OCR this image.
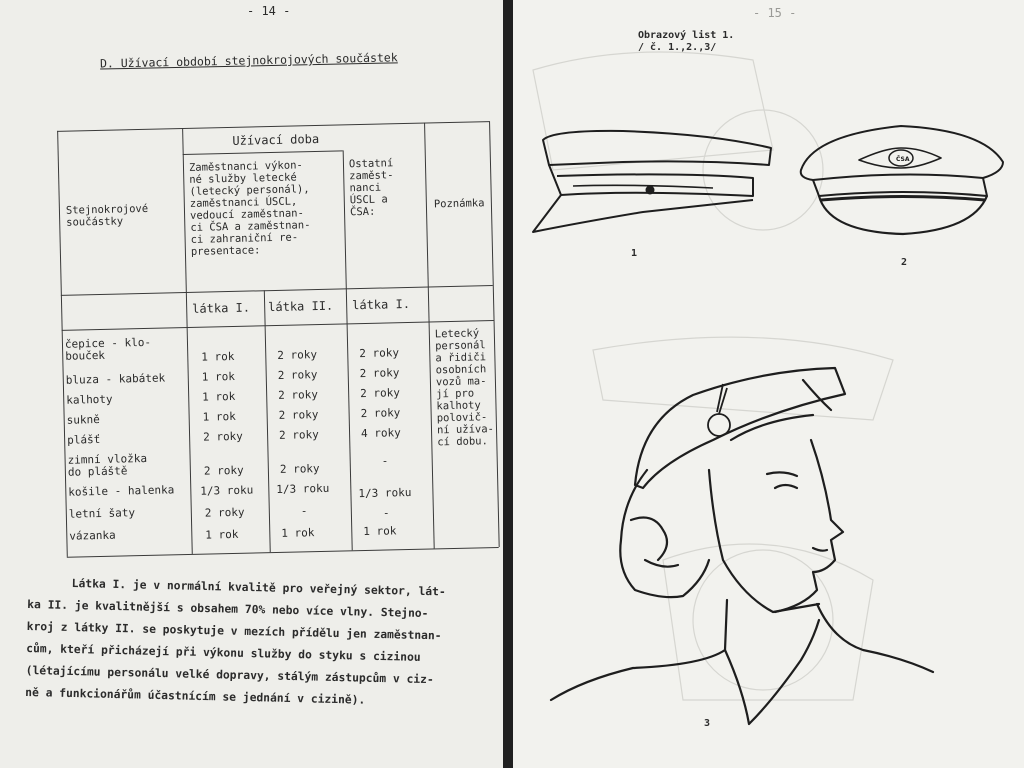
- 14 -
D. Užívací období stejnokrojových součástek
Stejnokrojové
součástky
Užívací doba
Zaměstnanci výkon-
né služby letecké
(letecký personál),
zaměstnanci ÚSCL,
vedoucí zaměstnan-
ci ČSA a zaměstnan-
ci zahraniční re-
presentace:
Ostatní
zaměst-
nanci
ÚSCL a
ČSA:
Poznámka
látka I. látka II. látka I.
čepice - klo-
bouček
bluza - kabátek
kalhoty
sukně
plášť
zimní vložka
do pláště
košile - halenka
letní šaty
vázanka
1 rok
1 rok
1 rok
1 rok
2 roky
2 roky
1/3 roku
2 roky
1 rok
2 roky
2 roky
2 roky
2 roky
2 roky
2 roky
1/3 roku
-
1 rok
2 roky
2 roky
2 roky
2 roky
4 roky
-
1/3 roku
-
1 rok
Letecký
personál
a řidiči
osobních
vozů ma-
jí pro
kalhoty
polovič-
ní užíva-
cí dobu.

Látka I. je v normální kvalitě pro veřejný sektor, lát-

ka II. je kvalitnější s obsahem 70% nebo více vlny. Stejno-

kroj z látky II. se poskytuje v mezích přídělu jen zaměstnan-

cům, kteří přicházejí při výkonu služby do styku s cizinou

(létajícímu personálu velké dopravy, stálým zástupcům v ciz-

ně a funkcionářům účastnícím se jednání v cizině).

- 15 -
Obrazový list 1.
/ č. 1.,2.,3/
ČSA
1
2
3
